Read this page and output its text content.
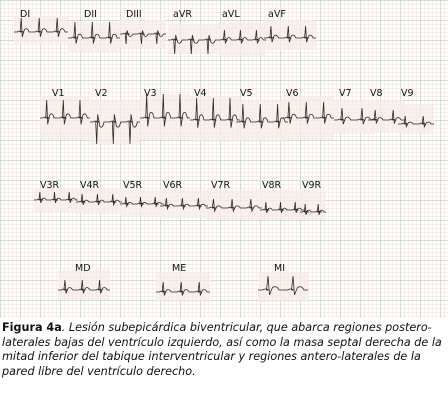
DI	DII	DIII	aVR	aVL	aVF
V1	V2	V3	V4	V5	V6	V7 V8 V9
V3R V4R	V5R V6R	V7R	V8R V9R
MD	ME	MI
Figura 4a. Lesión subepicárdica biventricular, que abarca regiones postero-laterales bajas del ventrículo izquierdo, así como la masa septal derecha de la mitad inferior del tabique interventricular y regiones antero-laterales de la pared libre del ventrículo derecho.
